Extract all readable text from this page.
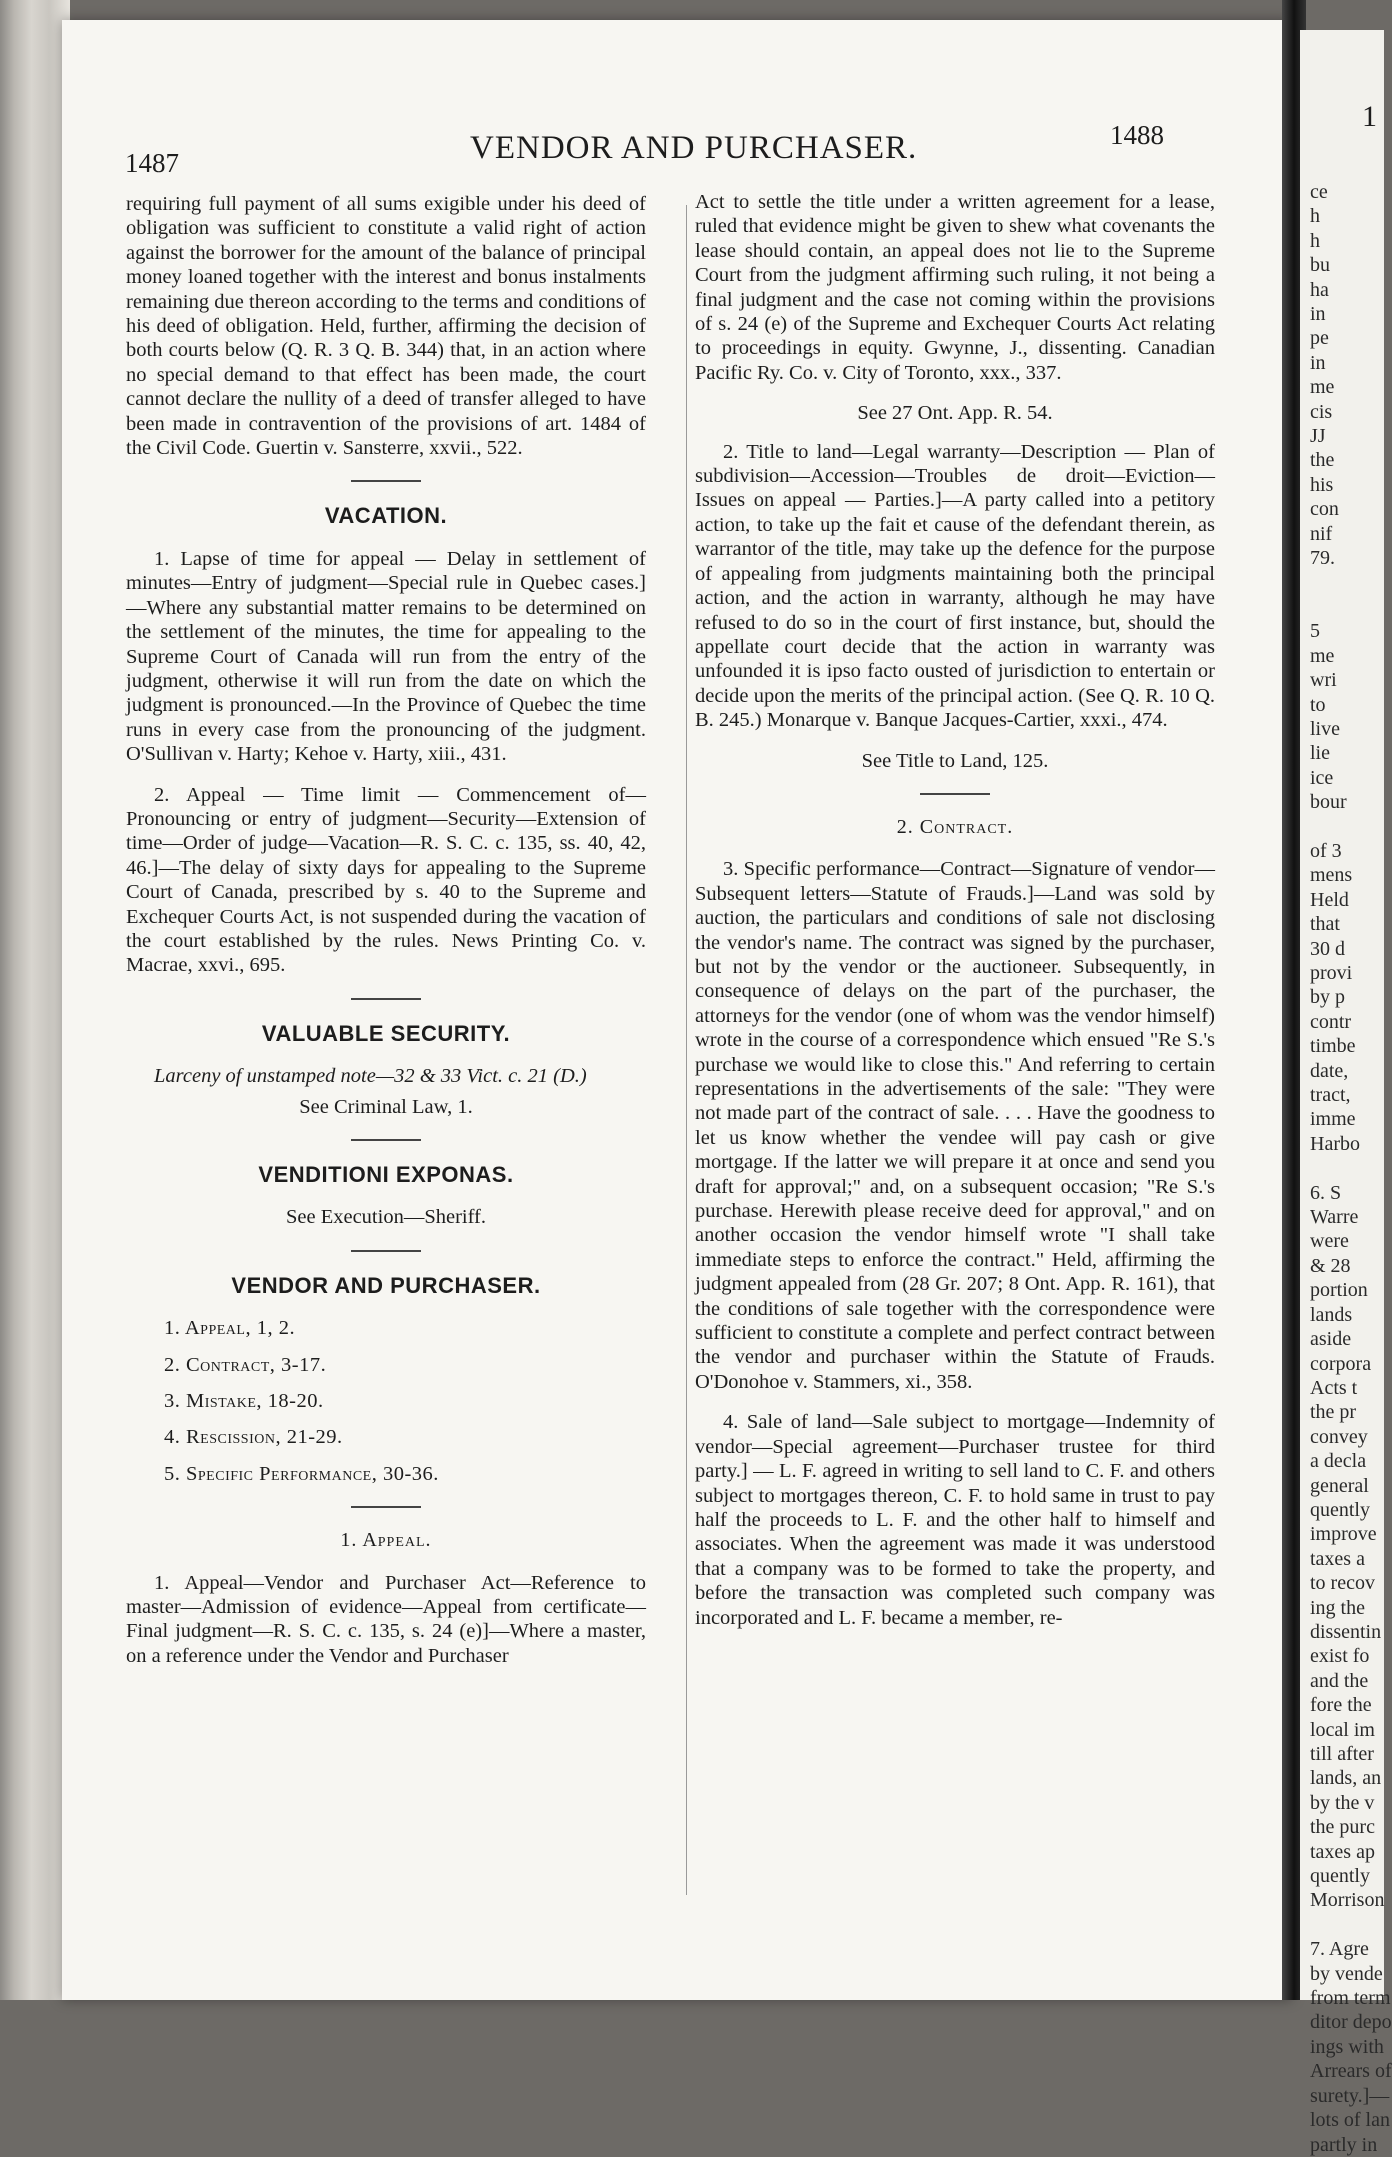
1487	VENDOR AND PURCHASER.	1488

requiring full payment of all sums exigible under his deed of obligation was sufficient to constitute a valid right of action against the borrower for the amount of the balance of principal money loaned together with the interest and bonus instalments remaining due thereon according to the terms and conditions of his deed of obligation. Held, further, affirming the decision of both courts below (Q. R. 3 Q. B. 344) that, in an action where no special demand to that effect has been made, the court cannot declare the nullity of a deed of transfer alleged to have been made in contravention of the provisions of art. 1484 of the Civil Code. Guertin v. Sansterre, xxvii., 522.

VACATION.

1. Lapse of time for appeal — Delay in settlement of minutes—Entry of judgment—Special rule in Quebec cases.]—Where any substantial matter remains to be determined on the settlement of the minutes, the time for appealing to the Supreme Court of Canada will run from the entry of the judgment, otherwise it will run from the date on which the judgment is pronounced.—In the Province of Quebec the time runs in every case from the pronouncing of the judgment. O'Sullivan v. Harty; Kehoe v. Harty, xiii., 431.

2. Appeal — Time limit — Commencement of—Pronouncing or entry of judgment—Security—Extension of time—Order of judge—Vacation—R. S. C. c. 135, ss. 40, 42, 46.]—The delay of sixty days for appealing to the Supreme Court of Canada, prescribed by s. 40 to the Supreme and Exchequer Courts Act, is not suspended during the vacation of the court established by the rules. News Printing Co. v. Macrae, xxvi., 695.

VALUABLE SECURITY.

Larceny of unstamped note—32 & 33 Vict. c. 21 (D.)

See Criminal Law, 1.
VENDITIONI EXPONAS.
See Execution—Sheriff.
VENDOR AND PURCHASER.
1. Appeal, 1, 2.
2. Contract, 3-17.
3. Mistake, 18-20.
4. Rescission, 21-29.
5. Specific Performance, 30-36.
1. Appeal.

1. Appeal—Vendor and Purchaser Act—Reference to master—Admission of evidence—Appeal from certificate—Final judgment—R. S. C. c. 135, s. 24 (e)]—Where a master, on a reference under the Vendor and Purchaser

Act to settle the title under a written agreement for a lease, ruled that evidence might be given to shew what covenants the lease should contain, an appeal does not lie to the Supreme Court from the judgment affirming such ruling, it not being a final judgment and the case not coming within the provisions of s. 24 (e) of the Supreme and Exchequer Courts Act relating to proceedings in equity. Gwynne, J., dissenting. Canadian Pacific Ry. Co. v. City of Toronto, xxx., 337.

See 27 Ont. App. R. 54.

2. Title to land—Legal warranty—Description — Plan of subdivision—Accession—Troubles de droit—Eviction—Issues on appeal — Parties.]—A party called into a petitory action, to take up the fait et cause of the defendant therein, as warrantor of the title, may take up the defence for the purpose of appealing from judgments maintaining both the principal action, and the action in warranty, although he may have refused to do so in the court of first instance, but, should the appellate court decide that the action in warranty was unfounded it is ipso facto ousted of jurisdiction to entertain or decide upon the merits of the principal action. (See Q. R. 10 Q. B. 245.) Monarque v. Banque Jacques-Cartier, xxxi., 474.

See Title to Land, 125.
2. Contract.

3. Specific performance—Contract—Signature of vendor—Subsequent letters—Statute of Frauds.]—Land was sold by auction, the particulars and conditions of sale not disclosing the vendor's name. The contract was signed by the purchaser, but not by the vendor or the auctioneer. Subsequently, in consequence of delays on the part of the purchaser, the attorneys for the vendor (one of whom was the vendor himself) wrote in the course of a correspondence which ensued "Re S.'s purchase we would like to close this." And referring to certain representations in the advertisements of the sale: "They were not made part of the contract of sale. . . . Have the goodness to let us know whether the vendee will pay cash or give mortgage. If the latter we will prepare it at once and send you draft for approval;" and, on a subsequent occasion; "Re S.'s purchase. Herewith please receive deed for approval," and on another occasion the vendor himself wrote "I shall take immediate steps to enforce the contract." Held, affirming the judgment appealed from (28 Gr. 207; 8 Ont. App. R. 161), that the conditions of sale together with the correspondence were sufficient to constitute a complete and perfect contract between the vendor and purchaser within the Statute of Frauds. O'Donohoe v. Stammers, xi., 358.

4. Sale of land—Sale subject to mortgage—Indemnity of vendor—Special agreement—Purchaser trustee for third party.] — L. F. agreed in writing to sell land to C. F. and others subject to mortgages thereon, C. F. to hold same in trust to pay half the proceeds to L. F. and the other half to himself and associates. When the agreement was made it was understood that a company was to be formed to take the property, and before the transaction was completed such company was incorporated and L. F. became a member, re-

1
ce
h
h
bu
ha
in
pe
in
me
cis
JJ
the
his
con
nif
79.

5
me
wri
to
live
lie
ice
bour

of 3
mens
Held
that
30 d
provi
by p
contr
timbe
date,
tract,
imme
Harbo

6. S
Warre
were
& 28
portion
lands
aside
corpora
Acts t
the pr
convey
a decla
general
quently
improve
taxes a
to recov
ing the
dissentin
exist fo
and the
fore the
local im
till after
lands, an
by the v
the purc
taxes ap
quently
Morrison

7. Agre
by vende
from term
ditor depo
ings with
Arrears of
surety.]—
lots of lan
partly in
